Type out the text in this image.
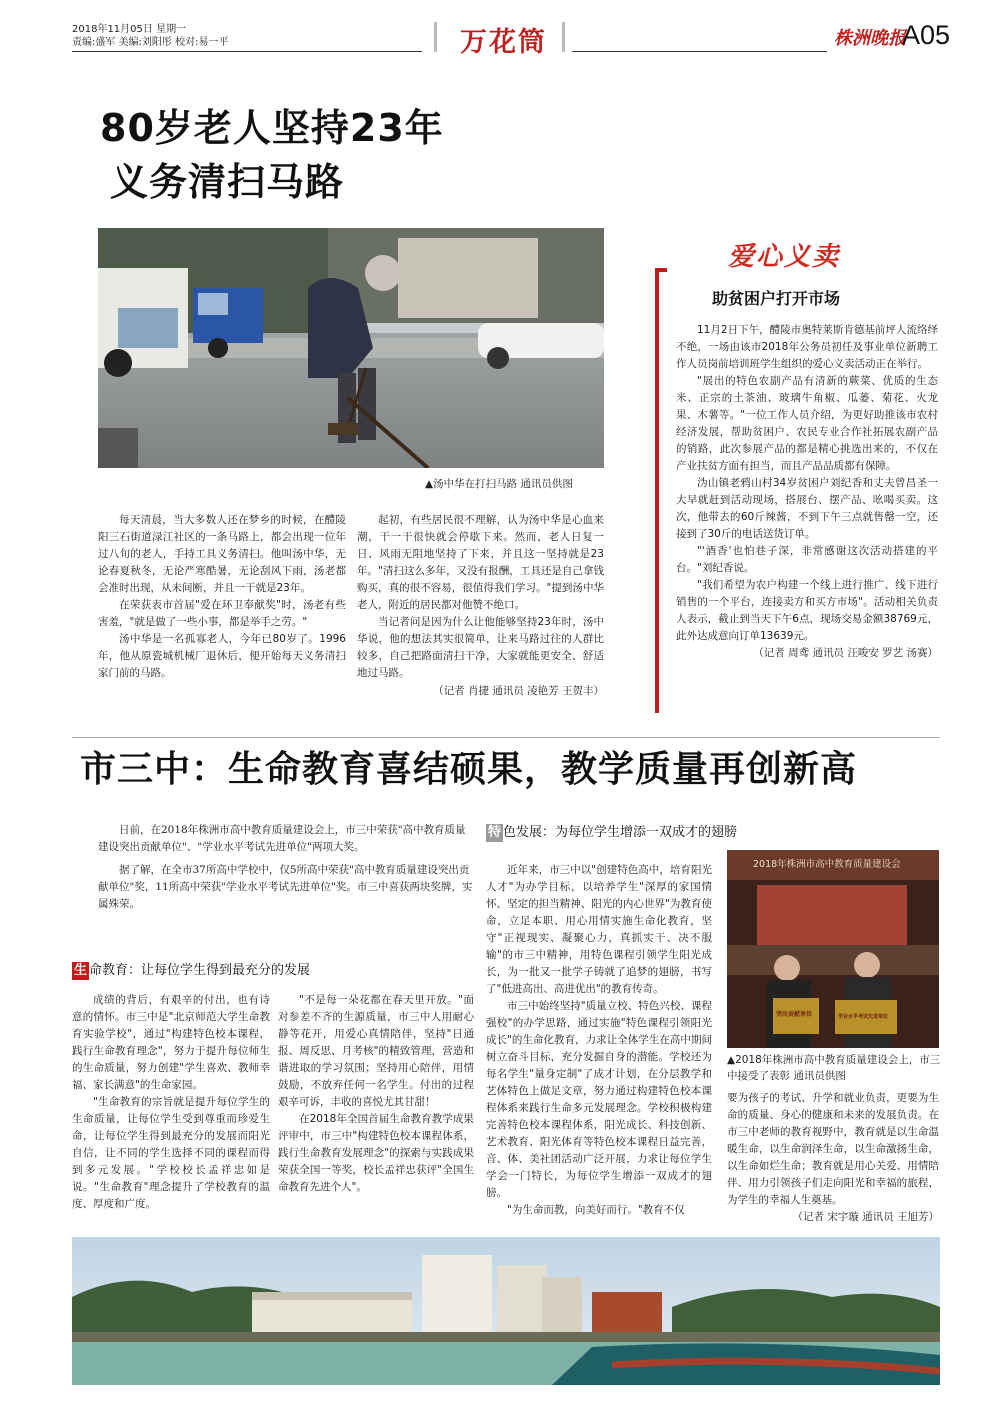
2018年11月05日 星期一
责编:盛军 美编:刘阳彤 校对:易一平	万花筒	株洲晚报
A05
80岁老人坚持23年
义务清扫马路
▲汤中华在打扫马路 通讯员供图

每天清晨，当大多数人还在梦乡的时候，在醴陵阳三石街道渌江社区的一条马路上，都会出现一位年过八旬的老人，手持工具义务清扫。他叫汤中华，无论春夏秋冬，无论严寒酷暑，无论刮风下雨，汤老都会准时出现，从未间断，并且一干就是23年。

在荣获表市首届"爱在环卫奉献奖"时，汤老有些害羞，"就是做了一些小事，都是举手之劳。"

汤中华是一名孤寡老人，今年已80岁了。1996年，他从原瓷城机械厂退休后，便开始每天义务清扫家门前的马路。

起初，有些居民很不理解，认为汤中华是心血来潮，干一干很快就会停歇下来。然而，老人日复一日、风雨无阻地坚持了下来，并且这一坚持就是23年。"清扫这么多年，又没有报酬，工具还是自己拿钱购买，真的很不容易，很值得我们学习。"提到汤中华老人，附近的居民都对他赞不绝口。

当记者问是因为什么让他能够坚持23年时，汤中华说，他的想法其实很简单，让来马路过往的人群比较多，自己把路面清扫干净，大家就能更安全、舒适地过马路。

（记者 肖捷 通讯员 凌艳芳 王贺丰）
爱心义卖
助贫困户打开市场

11月2日下午，醴陵市奥特莱斯肯德基前坪人流络绎不绝，一场由该市2018年公务员初任及事业单位新聘工作人员岗前培训班学生组织的爱心义卖活动正在举行。

"展出的特色农副产品有清新的蕨菜、优质的生态米、正宗的土茶油、玻璃牛角椒、瓜蒌、菊花、火龙果、木薯等。"一位工作人员介绍，为更好助推该市农村经济发展，帮助贫困户、农民专业合作社拓展农副产品的销路，此次参展产品的都是精心挑选出来的，不仅在产业扶贫方面有担当，而且产品品质都有保障。

沩山镇老鸦山村34岁贫困户刘纪香和丈夫曾昌圣一大早就赶到活动现场，搭展台、摆产品、吆喝买卖。这次，他带去的60斤辣酱，不到下午三点就售罄一空，还接到了30斤的电话送货订单。

"'酒香'也怕巷子深，非常感谢这次活动搭建的平台。"刘纪香说。

"我们希望为农户构建一个线上进行推广、线下进行销售的一个平台，连接卖方和买方市场"。活动相关负责人表示，截止到当天下午6点，现场交易金额38769元，此外达成意向订单13639元。

（记者 周鸢 通讯员 汪唆安 罗艺 汤赛）
市三中：生命教育喜结硕果，教学质量再创新高

日前，在2018年株洲市高中教育质量建设会上，市三中荣获"高中教育质量建设突出贡献单位"、"学业水平考试先进单位"两项大奖。

据了解，在全市37所高中学校中，仅5所高中荣获"高中教育质量建设突出贡献单位"奖，11所高中荣获"学业水平考试先进单位"奖。市三中喜获两块奖牌，实属殊荣。

生 命教育：让每位学生得到最充分的发展

成绩的背后，有艰辛的付出，也有诗意的情怀。市三中是"北京师范大学生命教育实验学校"，通过"构建特色校本课程，践行生命教育理念"，努力于提升每位师生的生命质量，努力创建"学生喜欢、教师幸福、家长满意"的生命家园。

"生命教育的宗旨就是提升每位学生的生命质量，让每位学生受到尊重而珍爱生命，让每位学生得到最充分的发展而阳光自信，让不同的学生选择不同的课程而得到多元发展。"学校校长孟祥忠如是说。"生命教育"理念提升了学校教育的温度、厚度和广度。

"不是每一朵花都在春天里开放。"面对参差不齐的生源质量，市三中人用耐心静等花开，用爱心真情陪伴，坚持"日通报、周反思、月考核"的精致管理，营造和谐进取的学习氛围；坚持用心陪伴，用情鼓励，不放弃任何一名学生。付出的过程艰辛可诉，丰收的喜悦尤其甘甜！

在2018年全国首届生命教育教学成果评审中，市三中"构建特色校本课程体系，践行生命教育发展理念"的探索与实践成果荣获全国一等奖，校长孟祥忠获评"全国生命教育先进个人"。

特 色发展：为每位学生增添一双成才的翅膀

近年来，市三中以"创建特色高中，培育阳光人才"为办学目标，以培养学生"深厚的家国情怀、坚定的担当精神、阳光的内心世界"为教育使命，立足本职、用心用情实施生命化教育，坚守"正视现实、凝聚心力，真抓实干、决不服输"的市三中精神，用特色课程引领学生阳光成长，为一批又一批学子铸就了追梦的翅膀，书写了"低进高出、高进优出"的教育传奇。

市三中始终坚持"质量立校、特色兴校、课程强校"的办学思路，通过实施"特色课程引领阳光成长"的生命化教育，力求让全体学生在高中期间树立奋斗目标，充分发掘自身的潜能。学校还为每名学生"量身定制"了成才计划，在分层教学和艺体特色上做足文章，努力通过构建特色校本课程体系来践行生命多元发展理念。学校积极构建完善特色校本课程体系，阳光成长、科技创新、艺术教育、阳光体育等特色校本课程日益完善，音、体、美社团活动广泛开展，力求让每位学生学会一门特长，为每位学生增添一双成才的翅膀。

"为生命而教，向美好而行。"教育不仅

2018年株洲市高中教育质量建设会
突出贡献单位	学业水平考试先进单位
▲2018年株洲市高中教育质量建设会上，市三中接受了表彰 通讯员供图

要为孩子的考试、升学和就业负责，更要为生命的质量、身心的健康和未来的发展负责。在市三中老师的教育视野中，教育就是以生命温暖生命，以生命润泽生命，以生命激扬生命，以生命如烂生命；教育就是用心关爱、用情陪伴、用力引领孩子们走向阳光和幸福的旅程，为学生的幸福人生奠基。

（记者 宋宇璇 通讯员 王旭芳）
